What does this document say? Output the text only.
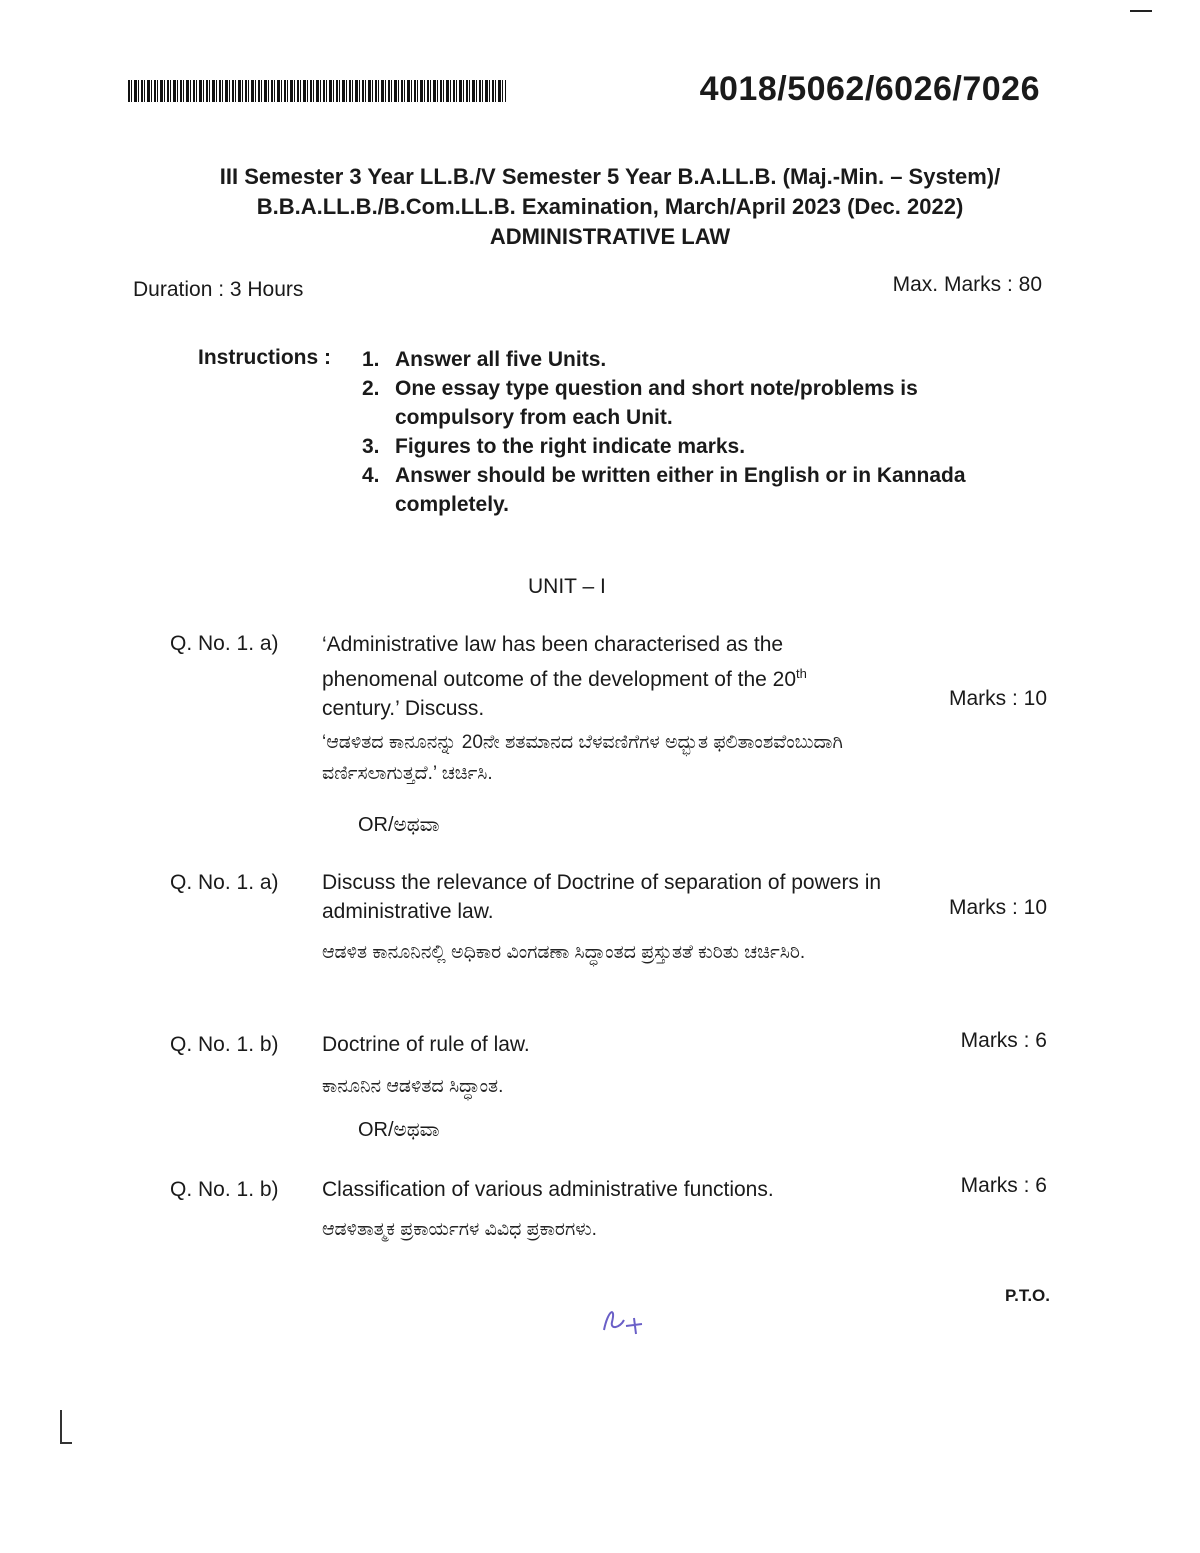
4018/5062/6026/7026
III Semester 3 Year LL.B./V Semester 5 Year B.A.LL.B. (Maj.-Min. – System)/
B.B.A.LL.B./B.Com.LL.B. Examination, March/April 2023 (Dec. 2022)
ADMINISTRATIVE LAW
Duration : 3 Hours	Max. Marks : 80
Instructions : 1. Answer all five Units.
2. One essay type question and short note/problems is compulsory from each Unit.
3. Figures to the right indicate marks.
4. Answer should be written either in English or in Kannada completely.
UNIT – I
Q. No. 1. a) ‘Administrative law has been characterised as the phenomenal outcome of the development of the 20th century.’ Discuss.	Marks : 10
‘ಆಡಳಿತದ ಕಾನೂನನ್ನು 20ನೇ ಶತಮಾನದ ಬೆಳವಣಿಗೆಗಳ ಅದ್ಭುತ ಫಲಿತಾಂಶವೆಂಬುದಾಗಿ ವರ್ಣಿಸಲಾಗುತ್ತದೆ.’ ಚರ್ಚಿಸಿ.
OR/ಅಥವಾ
Q. No. 1. a) Discuss the relevance of Doctrine of separation of powers in administrative law.	Marks : 10
ಆಡಳಿತ ಕಾನೂನಿನಲ್ಲಿ ಅಧಿಕಾರ ವಿಂಗಡಣಾ ಸಿದ್ಧಾಂತದ ಪ್ರಸ್ತುತತೆ ಕುರಿತು ಚರ್ಚಿಸಿರಿ.
Q. No. 1. b) Doctrine of rule of law.	Marks : 6
ಕಾನೂನಿನ ಆಡಳಿತದ ಸಿದ್ಧಾಂತ.
OR/ಅಥವಾ
Q. No. 1. b) Classification of various administrative functions.	Marks : 6
ಆಡಳಿತಾತ್ಮಕ ಪ್ರಕಾರ್ಯಗಳ ವಿವಿಧ ಪ್ರಕಾರಗಳು.
P.T.O.
